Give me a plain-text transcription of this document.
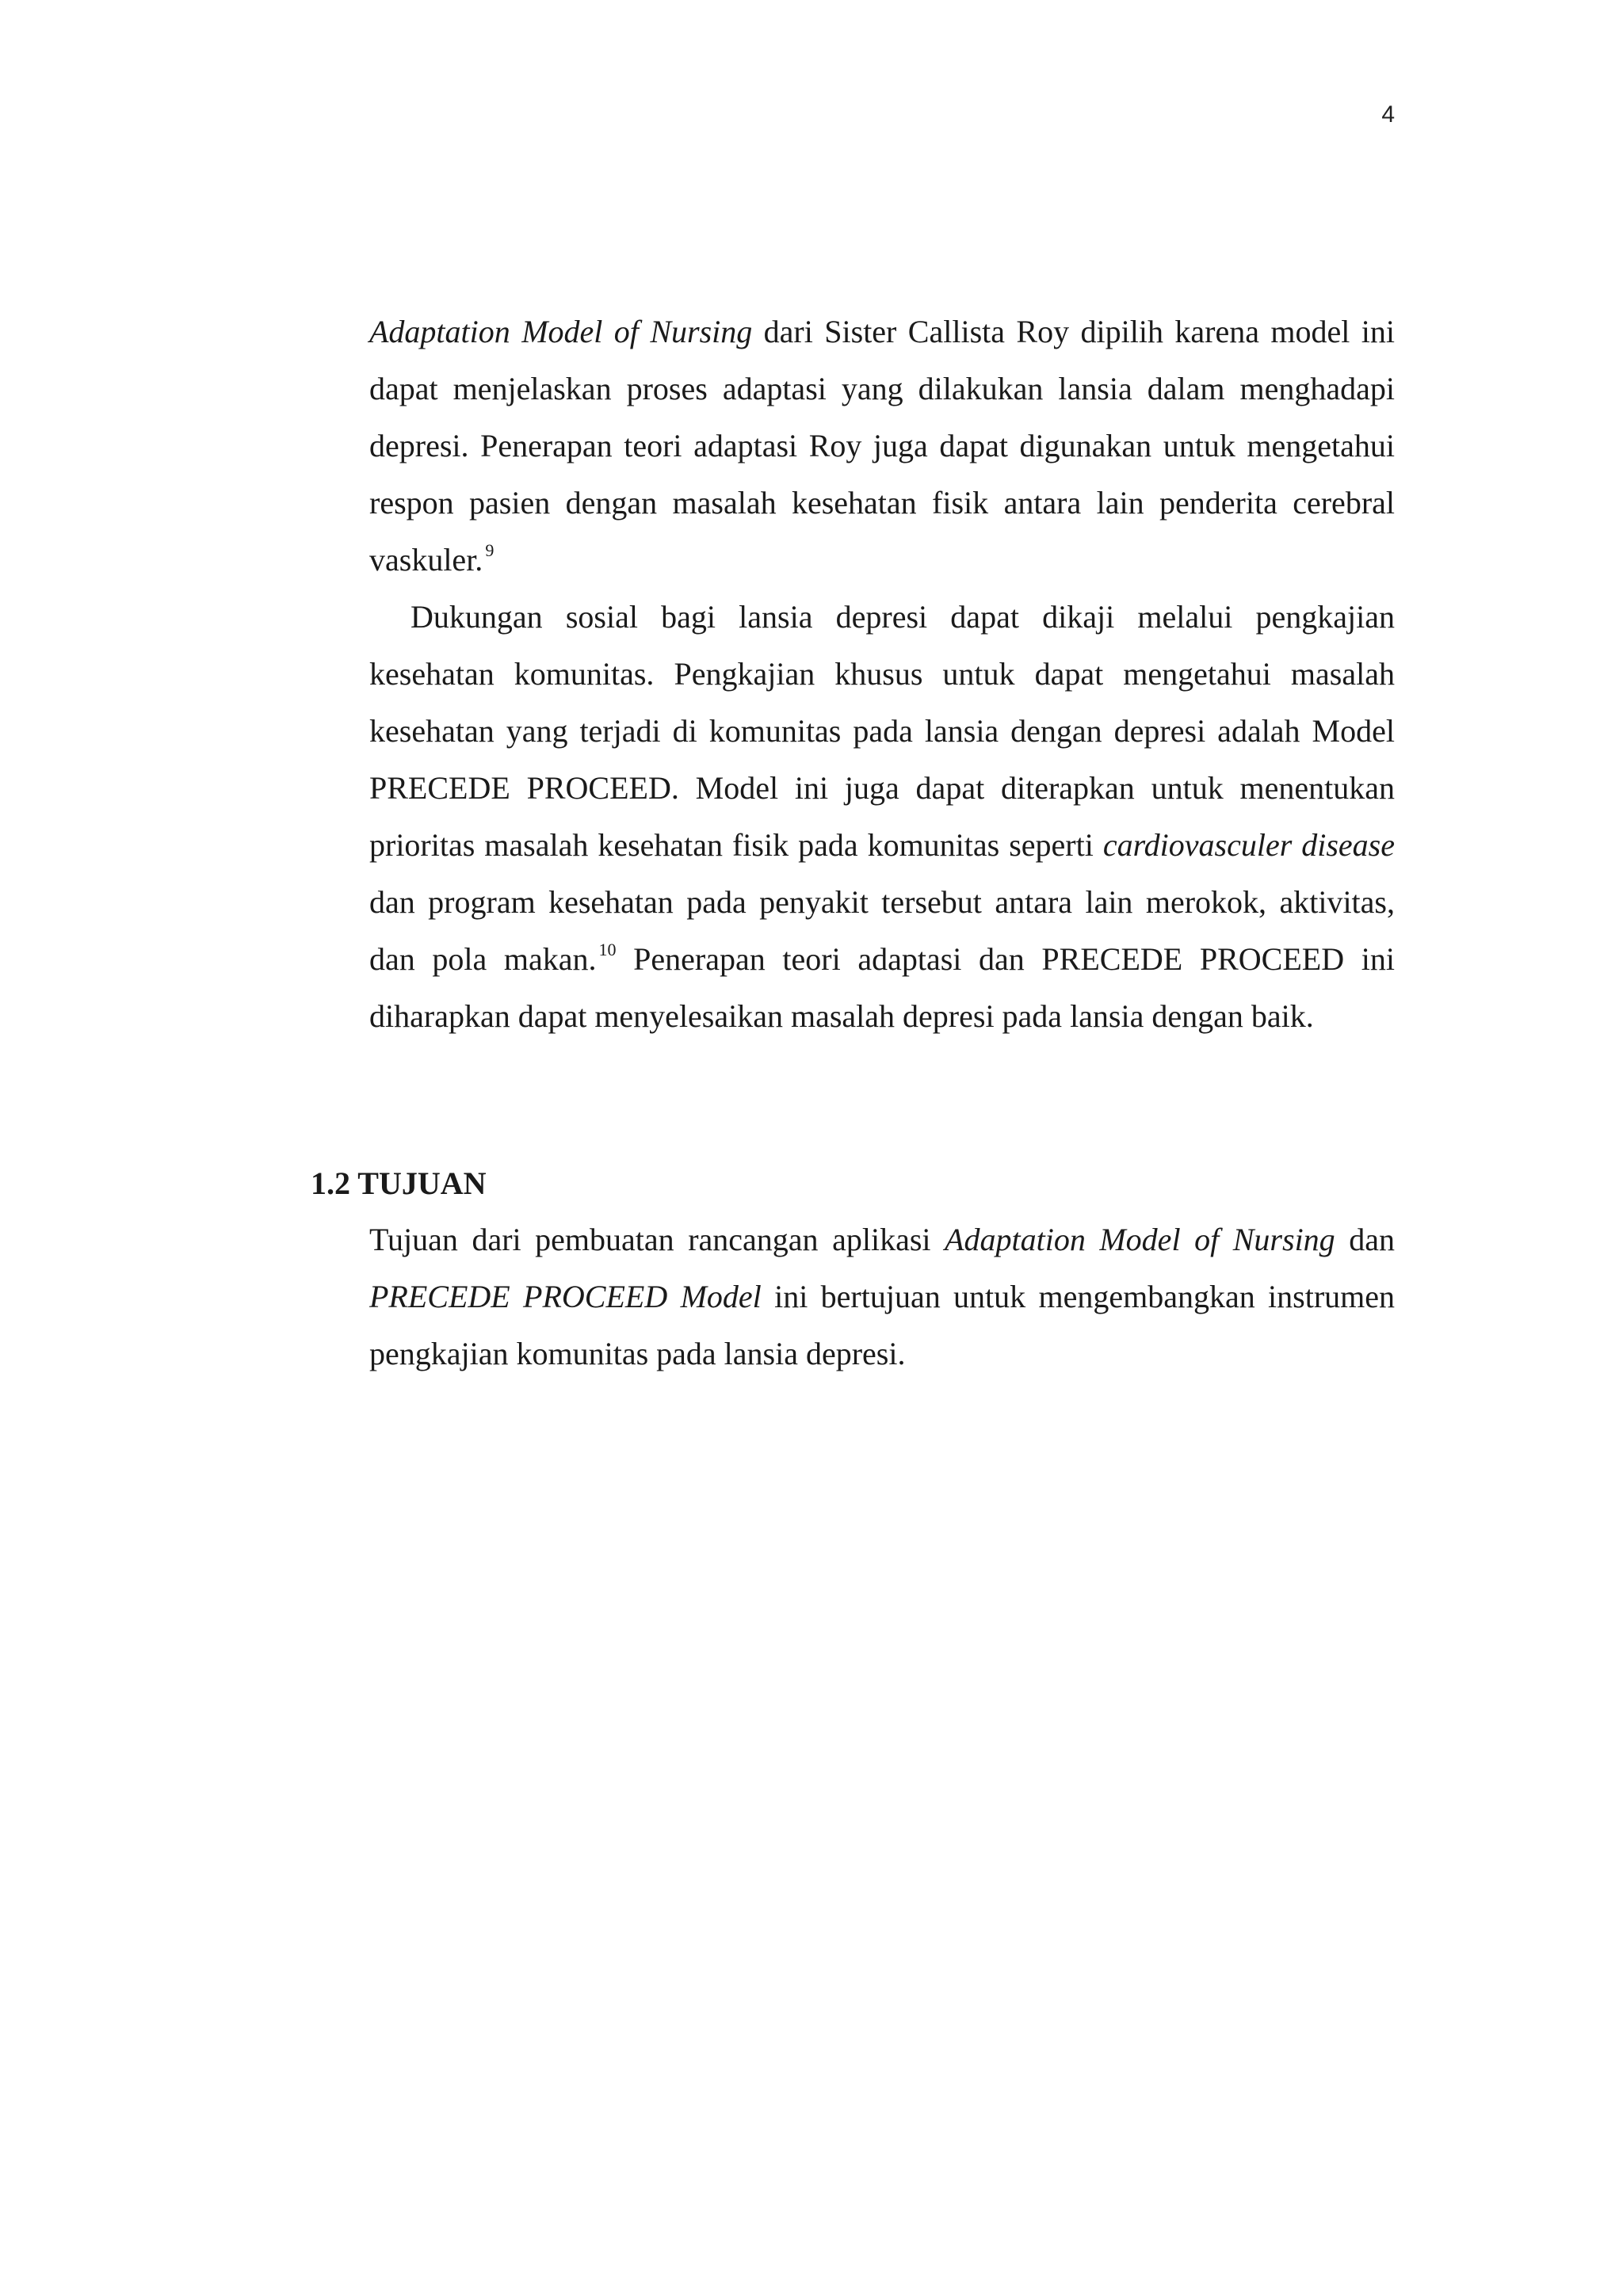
4

Adaptation Model of Nursing dari Sister Callista Roy dipilih karena model ini dapat menjelaskan proses adaptasi yang dilakukan lansia dalam menghadapi depresi. Penerapan teori adaptasi Roy juga dapat digunakan untuk mengetahui respon pasien dengan masalah kesehatan fisik antara lain penderita cerebral vaskuler. $^9$

Dukungan sosial bagi lansia depresi dapat dikaji melalui pengkajian kesehatan komunitas. Pengkajian khusus untuk dapat mengetahui masalah kesehatan yang terjadi di komunitas pada lansia dengan depresi adalah Model PRECEDE PROCEED. Model ini juga dapat diterapkan untuk menentukan prioritas masalah kesehatan fisik pada komunitas seperti cardiovasculer disease dan program kesehatan pada penyakit tersebut antara lain merokok, aktivitas, dan pola makan. $^{10}$ Penerapan teori adaptasi dan PRECEDE PROCEED ini diharapkan dapat menyelesaikan masalah depresi pada lansia dengan baik.

1.2 TUJUAN

Tujuan dari pembuatan rancangan aplikasi Adaptation Model of Nursing dan PRECEDE PROCEED Model ini bertujuan untuk mengembangkan instrumen pengkajian komunitas pada lansia depresi.
